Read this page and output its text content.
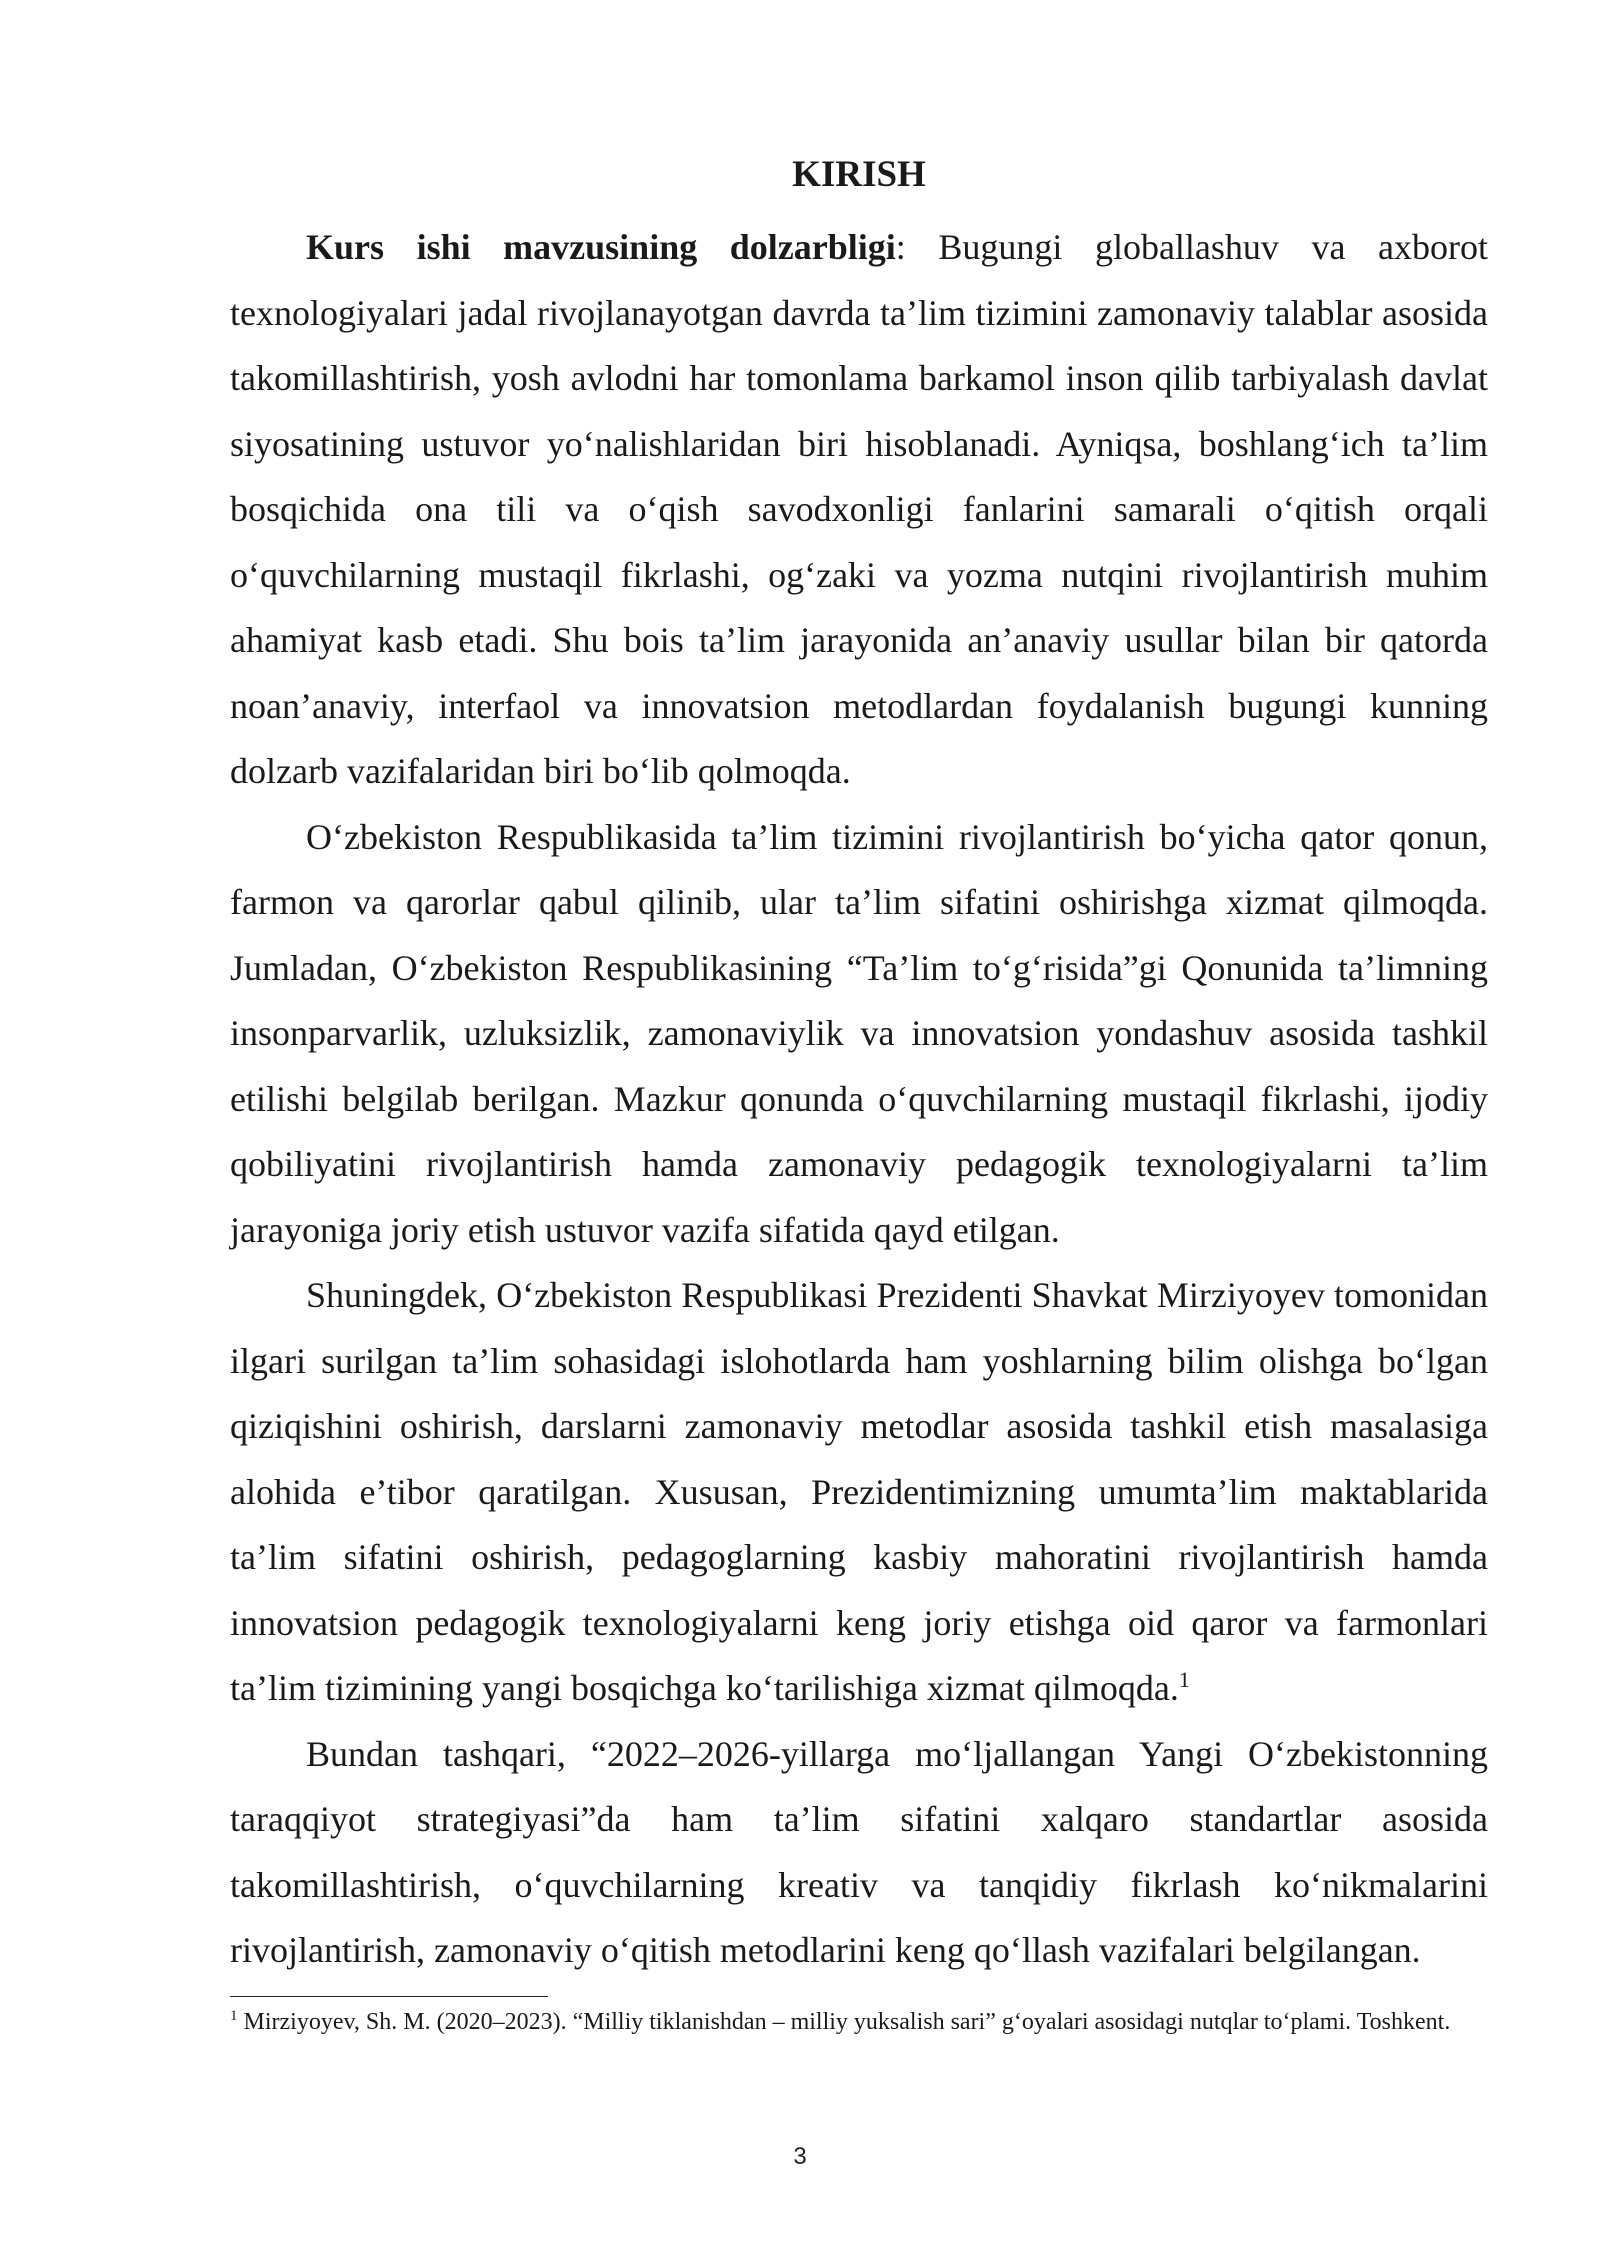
KIRISH

Kurs ishi mavzusining dolzarbligi: Bugungi globallashuv va axborot texnologiyalari jadal rivojlanayotgan davrda ta’lim tizimini zamonaviy talablar asosida takomillashtirish, yosh avlodni har tomonlama barkamol inson qilib tarbiyalash davlat siyosatining ustuvor yo‘nalishlaridan biri hisoblanadi. Ayniqsa, boshlang‘ich ta’lim bosqichida ona tili va o‘qish savodxonligi fanlarini samarali o‘qitish orqali o‘quvchilarning mustaqil fikrlashi, og‘zaki va yozma nutqini rivojlantirish muhim ahamiyat kasb etadi. Shu bois ta’lim jarayonida an’anaviy usullar bilan bir qatorda noan’anaviy, interfaol va innovatsion metodlardan foydalanish bugungi kunning dolzarb vazifalaridan biri bo‘lib qolmoqda.

O‘zbekiston Respublikasida ta’lim tizimini rivojlantirish bo‘yicha qator qonun, farmon va qarorlar qabul qilinib, ular ta’lim sifatini oshirishga xizmat qilmoqda. Jumladan, O‘zbekiston Respublikasining “Ta’lim to‘g‘risida”gi Qonunida ta’limning insonparvarlik, uzluksizlik, zamonaviylik va innovatsion yondashuv asosida tashkil etilishi belgilab berilgan. Mazkur qonunda o‘quvchilarning mustaqil fikrlashi, ijodiy qobiliyatini rivojlantirish hamda zamonaviy pedagogik texnologiyalarni ta’lim jarayoniga joriy etish ustuvor vazifa sifatida qayd etilgan.

Shuningdek, O‘zbekiston Respublikasi Prezidenti Shavkat Mirziyoyev tomonidan ilgari surilgan ta’lim sohasidagi islohotlarda ham yoshlarning bilim olishga bo‘lgan qiziqishini oshirish, darslarni zamonaviy metodlar asosida tashkil etish masalasiga alohida e’tibor qaratilgan. Xususan, Prezidentimizning umumta’lim maktablarida ta’lim sifatini oshirish, pedagoglarning kasbiy mahoratini rivojlantirish hamda innovatsion pedagogik texnologiyalarni keng joriy etishga oid qaror va farmonlari ta’lim tizimining yangi bosqichga ko‘tarilishiga xizmat qilmoqda.$^1$

Bundan tashqari, “2022–2026-yillarga mo‘ljallangan Yangi O‘zbekistonning taraqqiyot strategiyasi”da ham ta’lim sifatini xalqaro standartlar asosida takomillashtirish, o‘quvchilarning kreativ va tanqidiy fikrlash ko‘nikmalarini rivojlantirish, zamonaviy o‘qitish metodlarini keng qo‘llash vazifalari belgilangan.

$^1$ Mirziyoyev, Sh. M. (2020–2023). “Milliy tiklanishdan – milliy yuksalish sari” g‘oyalari asosidagi nutqlar to‘plami. Toshkent.

3
